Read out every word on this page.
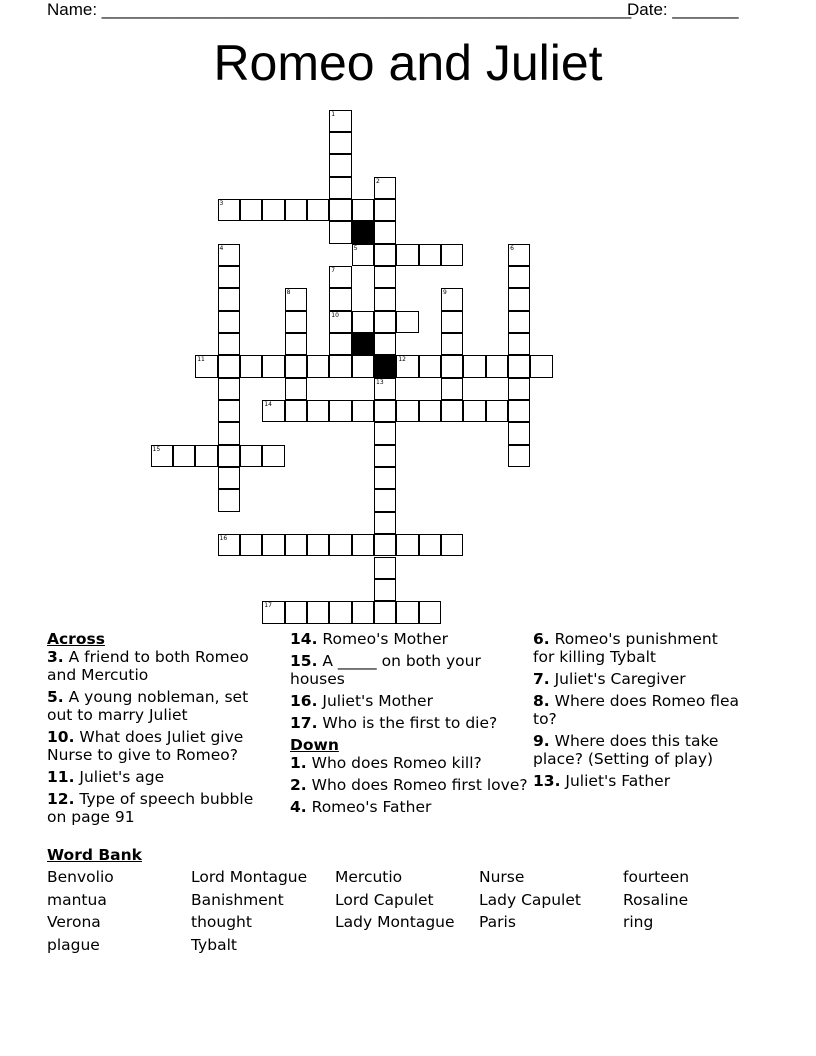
Name: ________________________________________________________
Date: _______
Romeo and Juliet
1
2
3
4	5	6
7
10
8	9
11	12
13
14
15
16
17

Across

3. A friend to both Romeo and Mercutio

5. A young nobleman, set out to marry Juliet

10. What does Juliet give Nurse to give to Romeo?

11. Juliet's age

12. Type of speech bubble on page 91

14. Romeo's Mother

15. A _____ on both your houses

16. Juliet's Mother

17. Who is the first to die?

Down

1. Who does Romeo kill?

2. Who does Romeo first love?

4. Romeo's Father

6. Romeo's punishment for killing Tybalt

7. Juliet's Caregiver

8. Where does Romeo flea to?

9. Where does this take place? (Setting of play)

13. Juliet's Father

Word Bank
Benvolio	Lord Montague	Mercutio	Nurse	fourteen
mantua	Banishment	Lord Capulet	Lady Capulet	Rosaline
Verona	thought	Lady Montague	Paris	ring
plague	Tybalt
